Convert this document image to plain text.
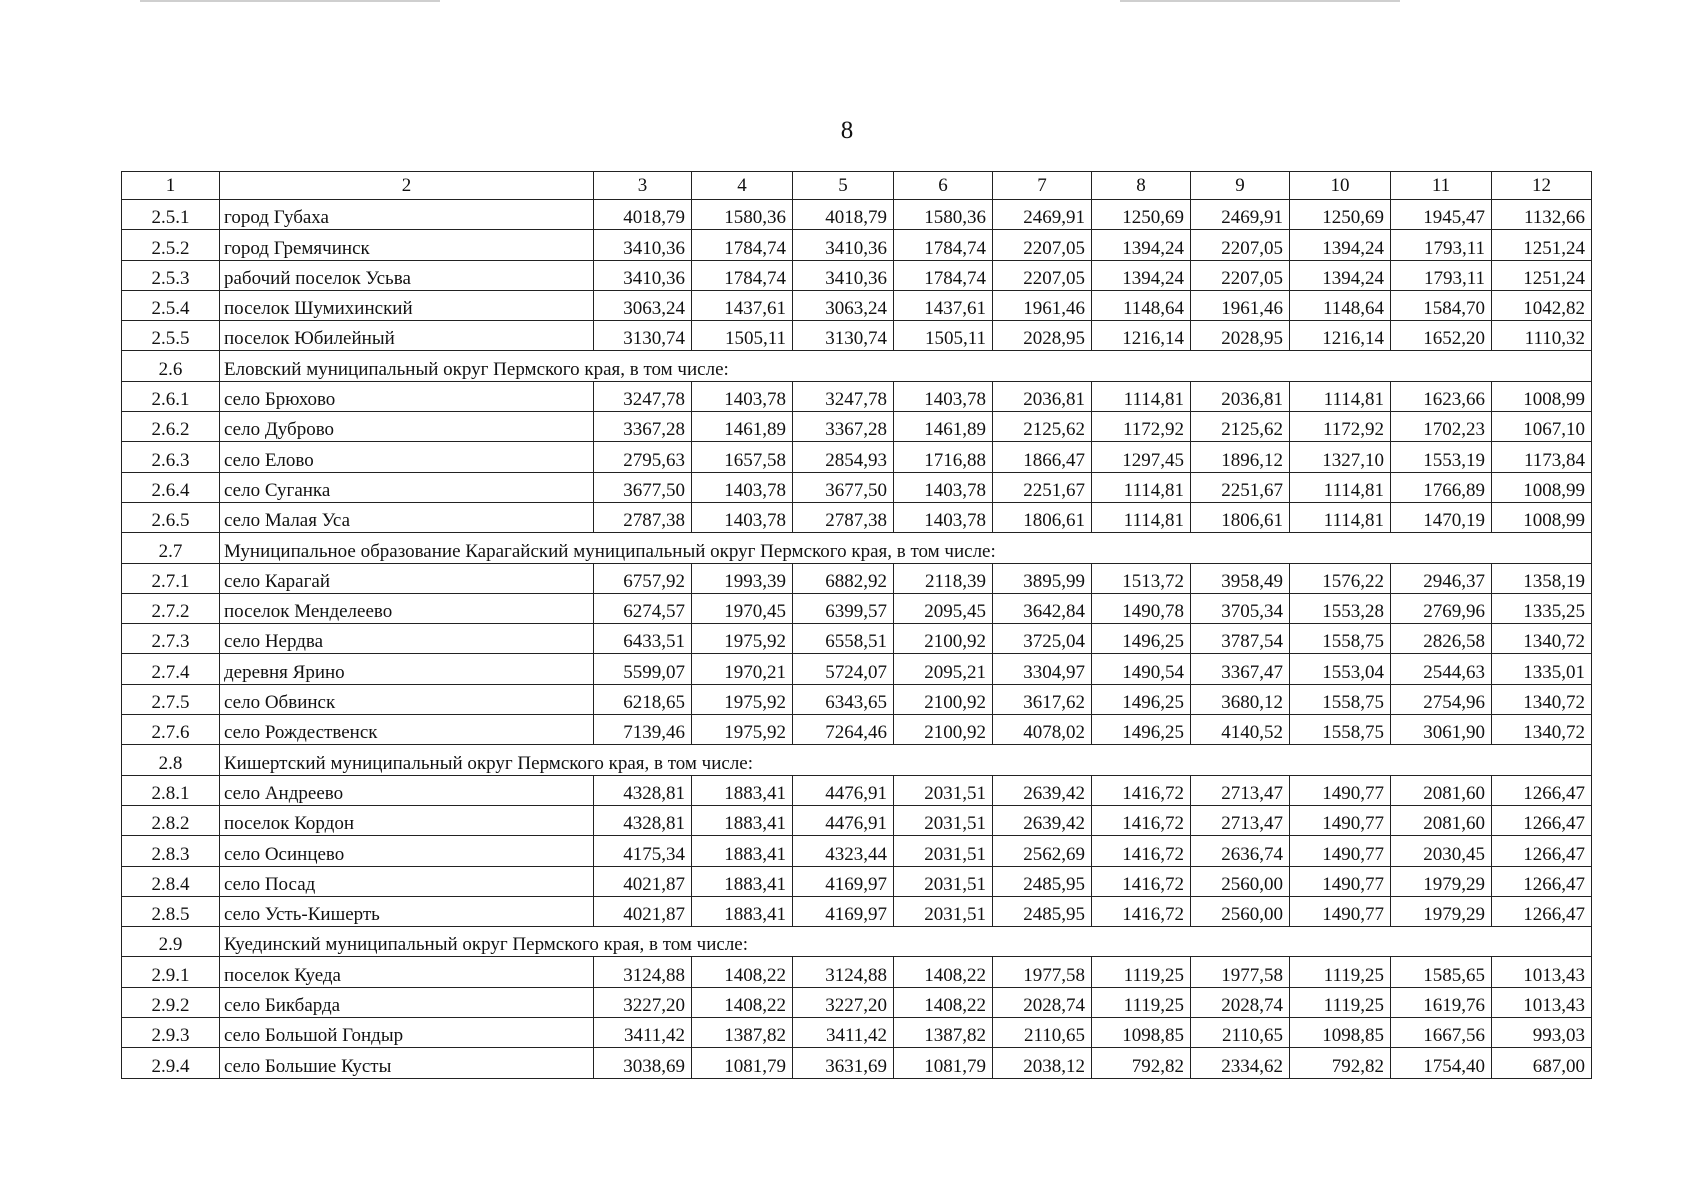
8
1	2	3	4	5	6	7	8	9	10	11	12
2.5.1	город Губаха	4018,79	1580,36	4018,79	1580,36	2469,91	1250,69	2469,91	1250,69	1945,47	1132,66
2.5.2	город Гремячинск	3410,36	1784,74	3410,36	1784,74	2207,05	1394,24	2207,05	1394,24	1793,11	1251,24
2.5.3	рабочий поселок Усьва	3410,36	1784,74	3410,36	1784,74	2207,05	1394,24	2207,05	1394,24	1793,11	1251,24
2.5.4	поселок Шумихинский	3063,24	1437,61	3063,24	1437,61	1961,46	1148,64	1961,46	1148,64	1584,70	1042,82
2.5.5	поселок Юбилейный	3130,74	1505,11	3130,74	1505,11	2028,95	1216,14	2028,95	1216,14	1652,20	1110,32
2.6	Еловский муниципальный округ Пермского края, в том числе:										
2.6.1	село Брюхово	3247,78	1403,78	3247,78	1403,78	2036,81	1114,81	2036,81	1114,81	1623,66	1008,99
2.6.2	село Дуброво	3367,28	1461,89	3367,28	1461,89	2125,62	1172,92	2125,62	1172,92	1702,23	1067,10
2.6.3	село Елово	2795,63	1657,58	2854,93	1716,88	1866,47	1297,45	1896,12	1327,10	1553,19	1173,84
2.6.4	село Суганка	3677,50	1403,78	3677,50	1403,78	2251,67	1114,81	2251,67	1114,81	1766,89	1008,99
2.6.5	село Малая Уса	2787,38	1403,78	2787,38	1403,78	1806,61	1114,81	1806,61	1114,81	1470,19	1008,99
2.7	Муниципальное образование Карагайский муниципальный округ Пермского края, в том числе:										
2.7.1	село Карагай	6757,92	1993,39	6882,92	2118,39	3895,99	1513,72	3958,49	1576,22	2946,37	1358,19
2.7.2	поселок Менделеево	6274,57	1970,45	6399,57	2095,45	3642,84	1490,78	3705,34	1553,28	2769,96	1335,25
2.7.3	село Нердва	6433,51	1975,92	6558,51	2100,92	3725,04	1496,25	3787,54	1558,75	2826,58	1340,72
2.7.4	деревня Ярино	5599,07	1970,21	5724,07	2095,21	3304,97	1490,54	3367,47	1553,04	2544,63	1335,01
2.7.5	село Обвинск	6218,65	1975,92	6343,65	2100,92	3617,62	1496,25	3680,12	1558,75	2754,96	1340,72
2.7.6	село Рождественск	7139,46	1975,92	7264,46	2100,92	4078,02	1496,25	4140,52	1558,75	3061,90	1340,72
2.8	Кишертский муниципальный округ Пермского края, в том числе:										
2.8.1	село Андреево	4328,81	1883,41	4476,91	2031,51	2639,42	1416,72	2713,47	1490,77	2081,60	1266,47
2.8.2	поселок Кордон	4328,81	1883,41	4476,91	2031,51	2639,42	1416,72	2713,47	1490,77	2081,60	1266,47
2.8.3	село Осинцево	4175,34	1883,41	4323,44	2031,51	2562,69	1416,72	2636,74	1490,77	2030,45	1266,47
2.8.4	село Посад	4021,87	1883,41	4169,97	2031,51	2485,95	1416,72	2560,00	1490,77	1979,29	1266,47
2.8.5	село Усть-Кишерть	4021,87	1883,41	4169,97	2031,51	2485,95	1416,72	2560,00	1490,77	1979,29	1266,47
2.9	Куединский муниципальный округ Пермского края, в том числе:										
2.9.1	поселок Куеда	3124,88	1408,22	3124,88	1408,22	1977,58	1119,25	1977,58	1119,25	1585,65	1013,43
2.9.2	село Бикбарда	3227,20	1408,22	3227,20	1408,22	2028,74	1119,25	2028,74	1119,25	1619,76	1013,43
2.9.3	село Большой Гондыр	3411,42	1387,82	3411,42	1387,82	2110,65	1098,85	2110,65	1098,85	1667,56	993,03
2.9.4	село Большие Кусты	3038,69	1081,79	3631,69	1081,79	2038,12	792,82	2334,62	792,82	1754,40	687,00
